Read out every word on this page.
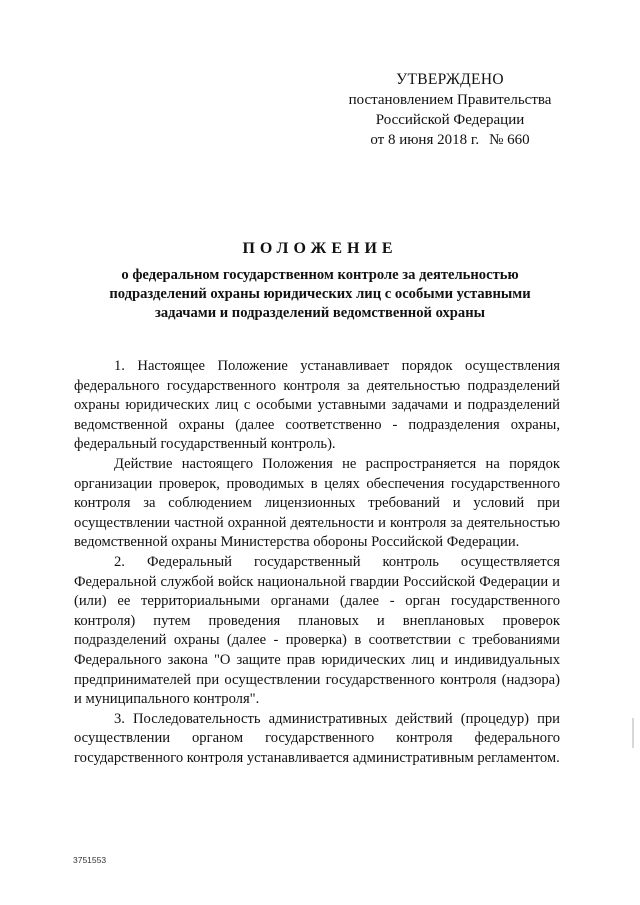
УТВЕРЖДЕНО
постановлением Правительства
Российской Федерации
от 8 июня 2018 г. № 660
ПОЛОЖЕНИЕ
о федеральном государственном контроле за деятельностью подразделений охраны юридических лиц с особыми уставными задачами и подразделений ведомственной охраны

1. Настоящее Положение устанавливает порядок осуществления федерального государственного контроля за деятельностью подразделений охраны юридических лиц с особыми уставными задачами и подразделений ведомственной охраны (далее соответственно - подразделения охраны, федеральный государственный контроль).

Действие настоящего Положения не распространяется на порядок организации проверок, проводимых в целях обеспечения государственного контроля за соблюдением лицензионных требований и условий при осуществлении частной охранной деятельности и контроля за деятельностью ведомственной охраны Министерства обороны Российской Федерации.

2. Федеральный государственный контроль осуществляется Федеральной службой войск национальной гвардии Российской Федерации и (или) ее территориальными органами (далее - орган государственного контроля) путем проведения плановых и внеплановых проверок подразделений охраны (далее - проверка) в соответствии с требованиями Федерального закона "О защите прав юридических лиц и индивидуальных предпринимателей при осуществлении государственного контроля (надзора) и муниципального контроля".

3. Последовательность административных действий (процедур) при осуществлении органом государственного контроля федерального государственного контроля устанавливается административным регламентом.

3751553
